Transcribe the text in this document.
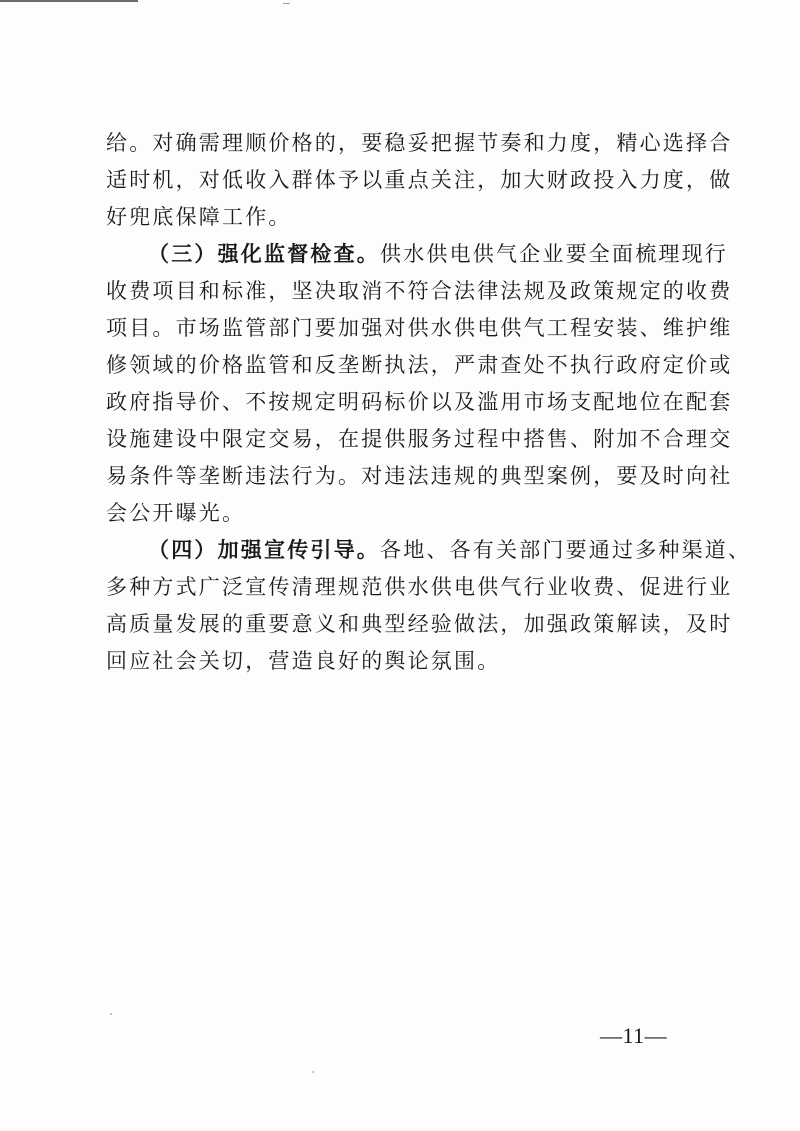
给。对确需理顺价格的，要稳妥把握节奏和力度，精心选择合
适时机，对低收入群体予以重点关注，加大财政投入力度，做
好兜底保障工作。
（三）强化监督检查。供水供电供气企业要全面梳理现行
收费项目和标准，坚决取消不符合法律法规及政策规定的收费
项目。市场监管部门要加强对供水供电供气工程安装、维护维
修领域的价格监管和反垄断执法，严肃查处不执行政府定价或
政府指导价、不按规定明码标价以及滥用市场支配地位在配套
设施建设中限定交易，在提供服务过程中搭售、附加不合理交
易条件等垄断违法行为。对违法违规的典型案例，要及时向社
会公开曝光。
（四）加强宣传引导。各地、各有关部门要通过多种渠道、
多种方式广泛宣传清理规范供水供电供气行业收费、促进行业
高质量发展的重要意义和典型经验做法，加强政策解读，及时
回应社会关切，营造良好的舆论氛围。
—11—
